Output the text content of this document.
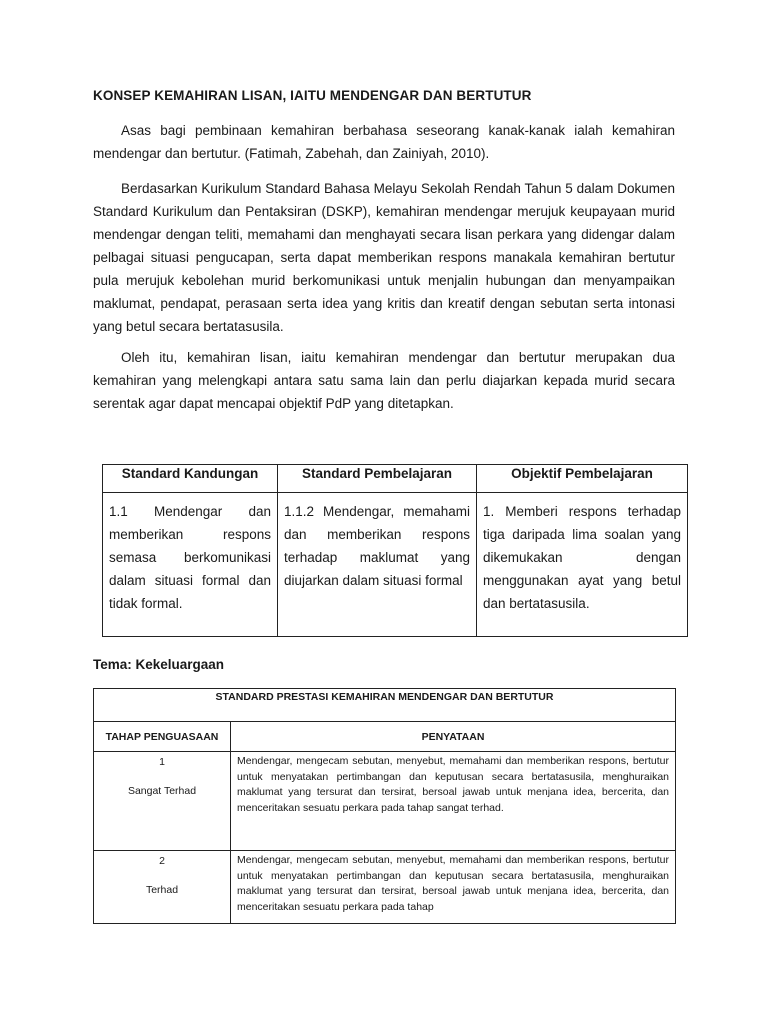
KONSEP KEMAHIRAN LISAN, IAITU MENDENGAR DAN BERTUTUR

Asas bagi pembinaan kemahiran berbahasa seseorang kanak-kanak ialah kemahiran mendengar dan bertutur. (Fatimah, Zabehah, dan Zainiyah, 2010).

Berdasarkan Kurikulum Standard Bahasa Melayu Sekolah Rendah Tahun 5 dalam Dokumen Standard Kurikulum dan Pentaksiran (DSKP), kemahiran mendengar merujuk keupayaan murid mendengar dengan teliti, memahami dan menghayati secara lisan perkara yang didengar dalam pelbagai situasi pengucapan, serta dapat memberikan respons manakala kemahiran bertutur pula merujuk kebolehan murid berkomunikasi untuk menjalin hubungan dan menyampaikan maklumat, pendapat, perasaan serta idea yang kritis dan kreatif dengan sebutan serta intonasi yang betul secara bertatasusila.

Oleh itu, kemahiran lisan, iaitu kemahiran mendengar dan bertutur merupakan dua kemahiran yang melengkapi antara satu sama lain dan perlu diajarkan kepada murid secara serentak agar dapat mencapai objektif PdP yang ditetapkan.

Standard Kandungan	Standard Pembelajaran	Objektif Pembelajaran
1.1 Mendengar dan memberikan respons semasa berkomunikasi dalam situasi formal dan tidak formal.	1.1.2 Mendengar, memahami dan memberikan respons terhadap maklumat yang diujarkan dalam situasi formal	1. Memberi respons terhadap tiga daripada lima soalan yang dikemukakan dengan menggunakan ayat yang betul dan bertatasusila.
Tema: Kekeluargaan
STANDARD PRESTASI KEMAHIRAN MENDENGAR DAN BERTUTUR	
TAHAP PENGUASAAN	PENYATAAN

1
Sangat Terhad	Mendengar, mengecam sebutan, menyebut, memahami dan memberikan respons, bertutur untuk menyatakan pertimbangan dan keputusan secara bertatasusila, menghuraikan maklumat yang tersurat dan tersirat, bersoal jawab untuk menjana idea, bercerita, dan menceritakan sesuatu perkara pada tahap sangat terhad.

2
Terhad	Mendengar, mengecam sebutan, menyebut, memahami dan memberikan respons, bertutur untuk menyatakan pertimbangan dan keputusan secara bertatasusila, menghuraikan maklumat yang tersurat dan tersirat, bersoal jawab untuk menjana idea, bercerita, dan menceritakan sesuatu perkara pada tahap
